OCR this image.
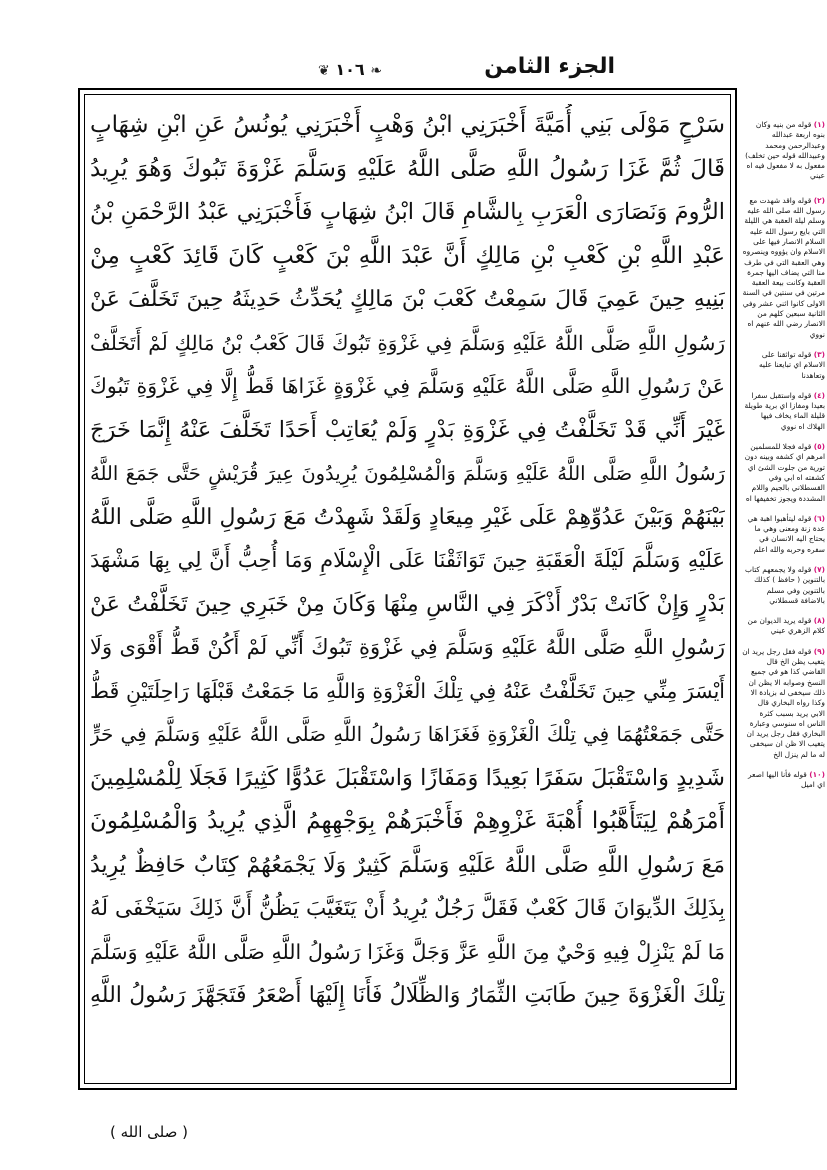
الجزء الثامن
❦ ١٠٦ ❧
سَرْحٍ مَوْلَى بَنِي أُمَيَّةَ أَخْبَرَنِي ابْنُ وَهْبٍ أَخْبَرَنِي يُونُسُ عَنِ ابْنِ شِهَابٍ
قَالَ ثُمَّ غَزَا رَسُولُ اللَّهِ صَلَّى اللَّهُ عَلَيْهِ وَسَلَّمَ غَزْوَةَ تَبُوكَ وَهُوَ يُرِيدُ
الرُّومَ وَنَصَارَى الْعَرَبِ بِالشَّامِ قَالَ ابْنُ شِهَابٍ فَأَخْبَرَنِي عَبْدُ الرَّحْمَنِ بْنُ
عَبْدِ اللَّهِ بْنِ كَعْبِ بْنِ مَالِكٍ أَنَّ عَبْدَ اللَّهِ بْنَ كَعْبٍ كَانَ قَائِدَ كَعْبٍ مِنْ
بَنِيهِ حِينَ عَمِيَ قَالَ سَمِعْتُ كَعْبَ بْنَ مَالِكٍ يُحَدِّثُ حَدِيثَهُ حِينَ تَخَلَّفَ عَنْ
رَسُولِ اللَّهِ صَلَّى اللَّهُ عَلَيْهِ وَسَلَّمَ فِي غَزْوَةِ تَبُوكَ قَالَ كَعْبُ بْنُ مَالِكٍ لَمْ أَتَخَلَّفْ
عَنْ رَسُولِ اللَّهِ صَلَّى اللَّهُ عَلَيْهِ وَسَلَّمَ فِي غَزْوَةٍ غَزَاهَا قَطُّ إِلَّا فِي غَزْوَةِ تَبُوكَ
غَيْرَ أَنِّي قَدْ تَخَلَّفْتُ فِي غَزْوَةِ بَدْرٍ وَلَمْ يُعَاتِبْ أَحَدًا تَخَلَّفَ عَنْهُ إِنَّمَا خَرَجَ
رَسُولُ اللَّهِ صَلَّى اللَّهُ عَلَيْهِ وَسَلَّمَ وَالْمُسْلِمُونَ يُرِيدُونَ عِيرَ قُرَيْشٍ حَتَّى جَمَعَ اللَّهُ
بَيْنَهُمْ وَبَيْنَ عَدُوِّهِمْ عَلَى غَيْرِ مِيعَادٍ وَلَقَدْ شَهِدْتُ مَعَ رَسُولِ اللَّهِ صَلَّى اللَّهُ
عَلَيْهِ وَسَلَّمَ لَيْلَةَ الْعَقَبَةِ حِينَ تَوَاثَقْنَا عَلَى الْإِسْلَامِ وَمَا أُحِبُّ أَنَّ لِي بِهَا مَشْهَدَ
بَدْرٍ وَإِنْ كَانَتْ بَدْرٌ أَذْكَرَ فِي النَّاسِ مِنْهَا وَكَانَ مِنْ خَبَرِي حِينَ تَخَلَّفْتُ عَنْ
رَسُولِ اللَّهِ صَلَّى اللَّهُ عَلَيْهِ وَسَلَّمَ فِي غَزْوَةِ تَبُوكَ أَنِّي لَمْ أَكُنْ قَطُّ أَقْوَى وَلَا
أَيْسَرَ مِنِّي حِينَ تَخَلَّفْتُ عَنْهُ فِي تِلْكَ الْغَزْوَةِ وَاللَّهِ مَا جَمَعْتُ قَبْلَهَا رَاحِلَتَيْنِ قَطُّ
حَتَّى جَمَعْتُهُمَا فِي تِلْكَ الْغَزْوَةِ فَغَزَاهَا رَسُولُ اللَّهِ صَلَّى اللَّهُ عَلَيْهِ وَسَلَّمَ فِي حَرٍّ
شَدِيدٍ وَاسْتَقْبَلَ سَفَرًا بَعِيدًا وَمَفَازًا وَاسْتَقْبَلَ عَدُوًّا كَثِيرًا فَجَلَا لِلْمُسْلِمِينَ
أَمْرَهُمْ لِيَتَأَهَّبُوا أُهْبَةَ غَزْوِهِمْ فَأَخْبَرَهُمْ بِوَجْهِهِمُ الَّذِي يُرِيدُ وَالْمُسْلِمُونَ
مَعَ رَسُولِ اللَّهِ صَلَّى اللَّهُ عَلَيْهِ وَسَلَّمَ كَثِيرٌ وَلَا يَجْمَعُهُمْ كِتَابٌ حَافِظٌ يُرِيدُ
بِذَلِكَ الدِّيوَانَ قَالَ كَعْبٌ فَقَلَّ رَجُلٌ يُرِيدُ أَنْ يَتَغَيَّبَ يَظُنُّ أَنَّ ذَلِكَ سَيَخْفَى لَهُ
مَا لَمْ يَنْزِلْ فِيهِ وَحْيٌ مِنَ اللَّهِ عَزَّ وَجَلَّ وَغَزَا رَسُولُ اللَّهِ صَلَّى اللَّهُ عَلَيْهِ وَسَلَّمَ
تِلْكَ الْغَزْوَةَ حِينَ طَابَتِ الثِّمَارُ وَالظِّلَالُ فَأَنَا إِلَيْهَا أَصْعَرُ فَتَجَهَّزَ رَسُولُ اللَّهِ
(١) قوله من بنيه وكان بنوه اربعة عبدالله وعبدالرحمن ومحمد وعبيدالله قوله حين تخلف) مفعول به لا مفعول فيه اه عيني
(٢) قوله واقد شهدت مع رسول الله صلى الله عليه وسلم ليلة العقبة هي الليلة التي بايع رسول الله عليه السلام الانصار فيها على الاسلام وان يؤووه وينصروه وهي العقبة التي في طرف منا التي يضاف اليها جمرة العقبة وكانت بيعة العقبة مرتين في سنتين في السنة الاولى كانوا اثني عشر وفي الثانية سبعين كلهم من الانصار رضي الله عنهم اه نووي
(٣) قوله تواثقنا على الاسلام اي تبايعنا عليه وتعاهدنا
(٤) قوله واستقبل سفرا بعيدا ومفازا اي برية طويلة قليلة الماء يخاف فيها الهلاك اه نووي
(٥) قوله فجلا للمسلمين امرهم اي كشفه وبينه دون تورية من جلوت الشئ اي كشفته اه ابي وفي القسطلاني بالجيم واللام المشددة ويجوز تخفيفها اه
(٦) قوله ليتأهبوا اهبة هي عدة زنة ومعنى وهي ما يحتاج اليه الانسان في سفره وحربه والله اعلم
(٧) قوله ولا يجمعهم كتاب بالتنوين ( حافظ ) كذلك بالتنوين وفي مسلم بالاضافة قسطلاني
(٨) قوله يريد الديوان من كلام الزهري عيني
(٩) قوله فقل رجل يريد ان يتغيب يظن الخ قال القاضي كذا هو في جميع النسخ وصوابه الا يظن ان ذلك سيخفى له بزيادة الا وكذا رواه البخاري قال الابي يريد بسبب كثرة الناس اه سنوسي وعبارة البخاري فقل رجل يريد ان يتغيب الا ظن ان سيخفى له ما لم ينزل الخ
(١٠) قوله فأنا اليها اصعر اي اميل
( صلى الله )
